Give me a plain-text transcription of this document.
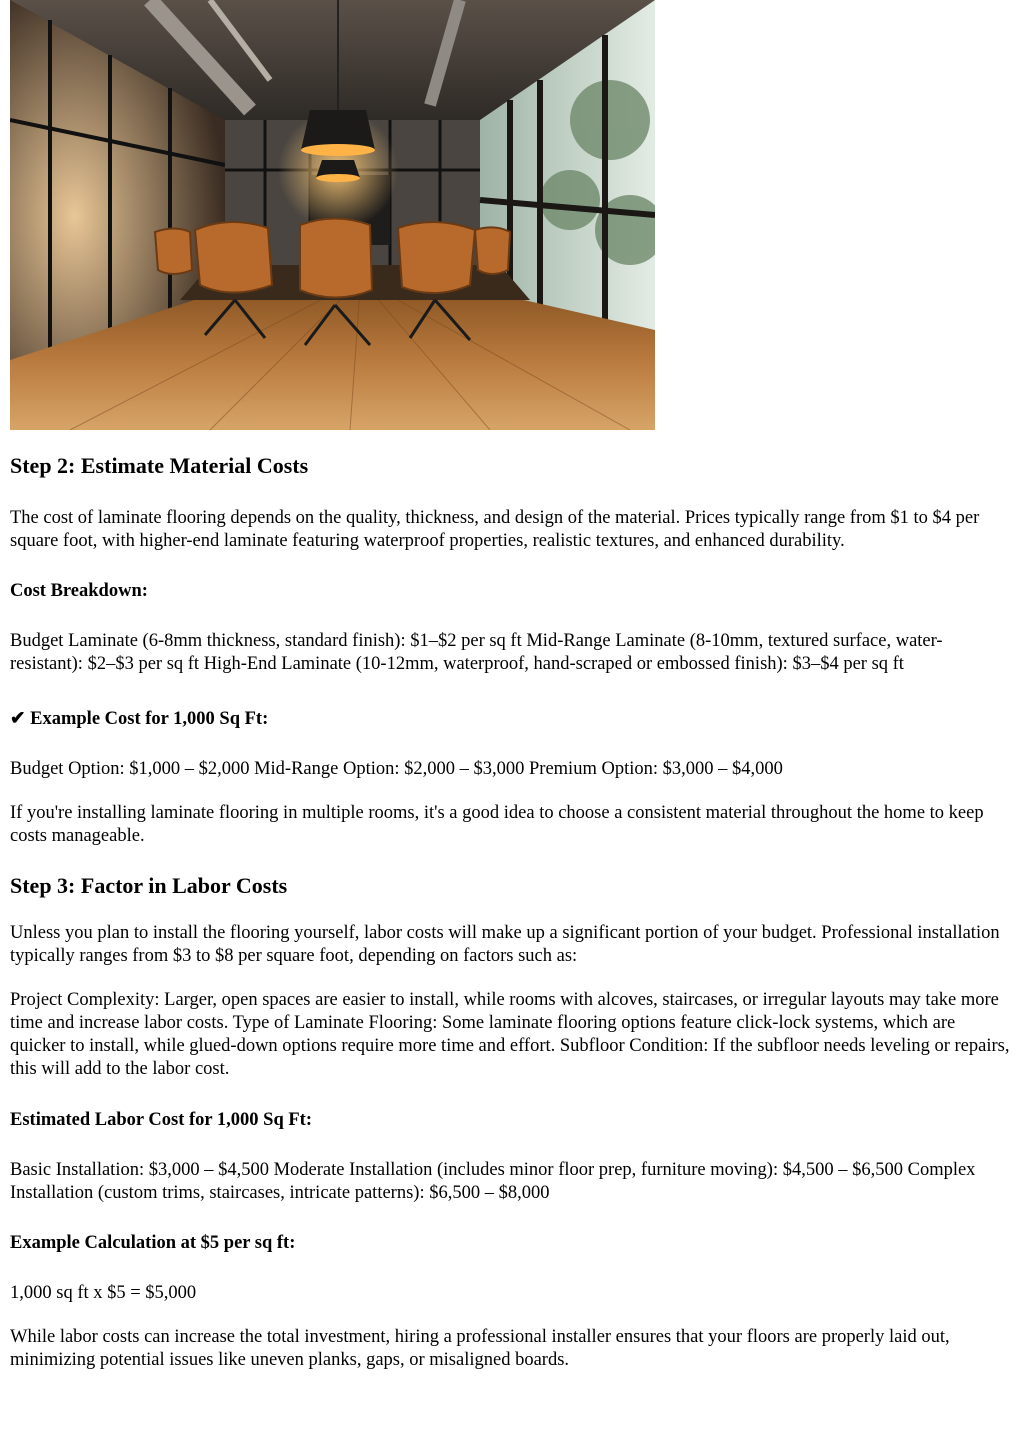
Step 2: Estimate Material Costs

The cost of laminate flooring depends on the quality, thickness, and design of the material. Prices typically range from $1 to $4 per square foot, with higher-end laminate featuring waterproof properties, realistic textures, and enhanced durability.

Cost Breakdown:

Budget Laminate (6-8mm thickness, standard finish): $1–$2 per sq ft Mid-Range Laminate (8-10mm, textured surface, water-resistant): $2–$3 per sq ft High-End Laminate (10-12mm, waterproof, hand-scraped or embossed finish): $3–$4 per sq ft

✔ Example Cost for 1,000 Sq Ft:

Budget Option: $1,000 – $2,000 Mid-Range Option: $2,000 – $3,000 Premium Option: $3,000 – $4,000

If you're installing laminate flooring in multiple rooms, it's a good idea to choose a consistent material throughout the home to keep costs manageable.

Step 3: Factor in Labor Costs

Unless you plan to install the flooring yourself, labor costs will make up a significant portion of your budget. Professional installation typically ranges from $3 to $8 per square foot, depending on factors such as:

Project Complexity: Larger, open spaces are easier to install, while rooms with alcoves, staircases, or irregular layouts may take more time and increase labor costs. Type of Laminate Flooring: Some laminate flooring options feature click-lock systems, which are quicker to install, while glued-down options require more time and effort. Subfloor Condition: If the subfloor needs leveling or repairs, this will add to the labor cost.

Estimated Labor Cost for 1,000 Sq Ft:

Basic Installation: $3,000 – $4,500 Moderate Installation (includes minor floor prep, furniture moving): $4,500 – $6,500 Complex Installation (custom trims, staircases, intricate patterns): $6,500 – $8,000

Example Calculation at $5 per sq ft:

1,000 sq ft x $5 = $5,000

While labor costs can increase the total investment, hiring a professional installer ensures that your floors are properly laid out, minimizing potential issues like uneven planks, gaps, or misaligned boards.
